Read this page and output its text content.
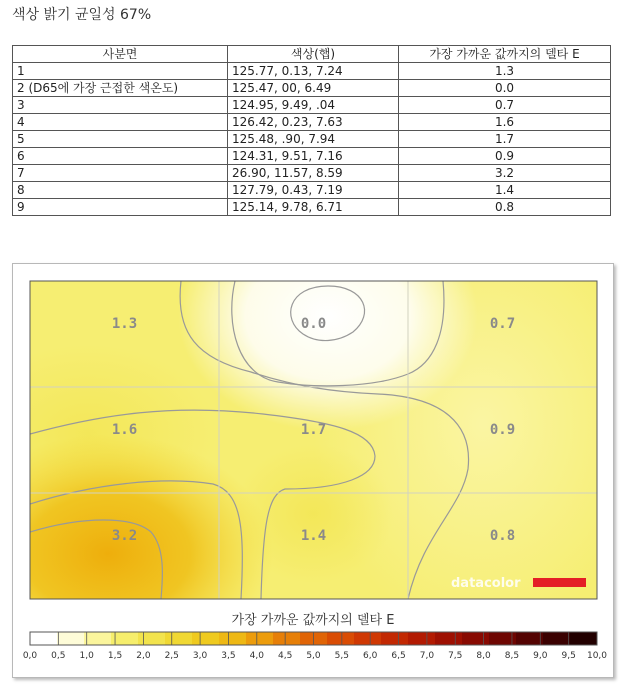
색상 밝기 균일성 67%
사분면	색상(햅)	가장 가까운 값까지의 델타 E
1	125.77, 0.13, 7.24	1.3
2 (D65에 가장 근접한 색온도)	125.47, 00, 6.49	0.0
3	124.95, 9.49, .04	0.7
4	126.42, 0.23, 7.63	1.6
5	125.48, .90, 7.94	1.7
6	124.31, 9.51, 7.16	0.9
7	26.90, 11.57, 8.59	3.2
8	127.79, 0.43, 7.19	1.4
9	125.14, 9.78, 6.71	0.8
1.3	0.0	0.7
1.6	1.7	0.9
3.2	1.4	0.8
datacolor
가장 가까운 값까지의 델타 E
0,0 0,5 1,0 1,5 2,0 2,5 3,0 3,5 4,0 4,5 5,0 5,5 6,0 6,5 7,0 7,5 8,0 8,5 9,0 9,5 10,0
